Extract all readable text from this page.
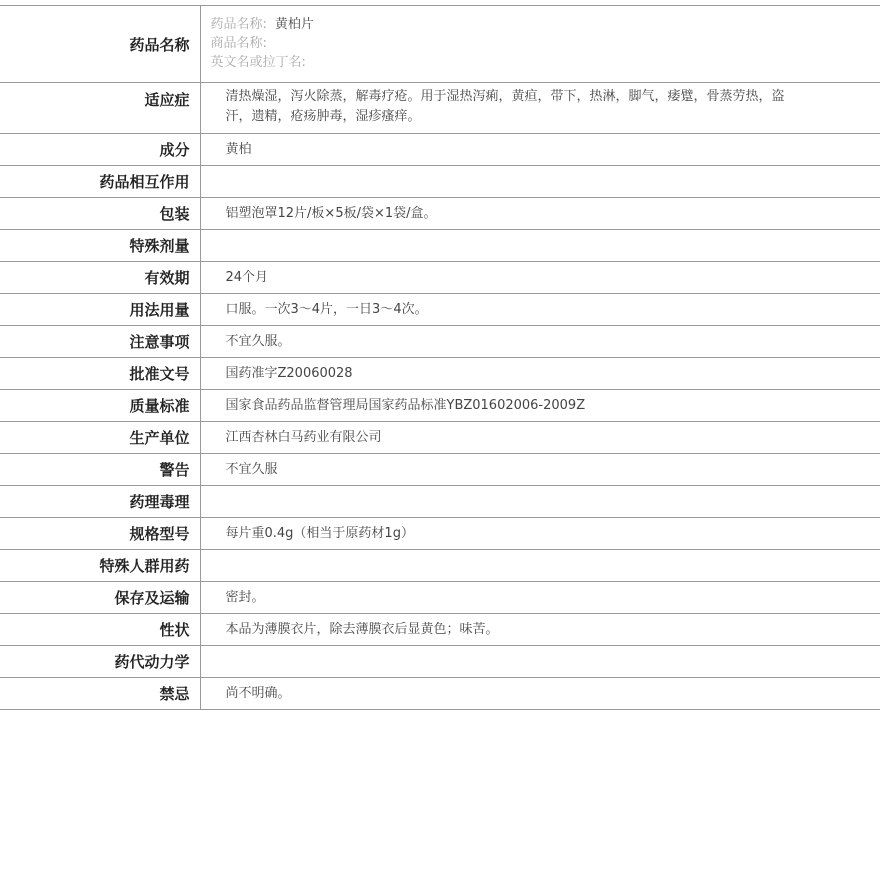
药品名称	药品名称: 黄柏片
商品名称:
英文名或拉丁名:

适应症	清热燥湿，泻火除蒸，解毒疗疮。用于湿热泻痢，黄疸，带下，热淋，脚气，痿躄，骨蒸劳热，盗汗，遗精，疮疡肿毒，湿疹瘙痒。
成分	黄柏
药品相互作用	
包装	铝塑泡罩12片/板×5板/袋×1袋/盒。
特殊剂量	
有效期	24个月
用法用量	口服。一次3～4片，一日3～4次。
注意事项	不宜久服。
批准文号	国药准字Z20060028
质量标准	国家食品药品监督管理局国家药品标准YBZ01602006-2009Z
生产单位	江西杏林白马药业有限公司
警告	不宜久服
药理毒理	
规格型号	每片重0.4g（相当于原药材1g）
特殊人群用药	
保存及运输	密封。
性状	本品为薄膜衣片，除去薄膜衣后显黄色；味苦。
药代动力学	
禁忌	尚不明确。
